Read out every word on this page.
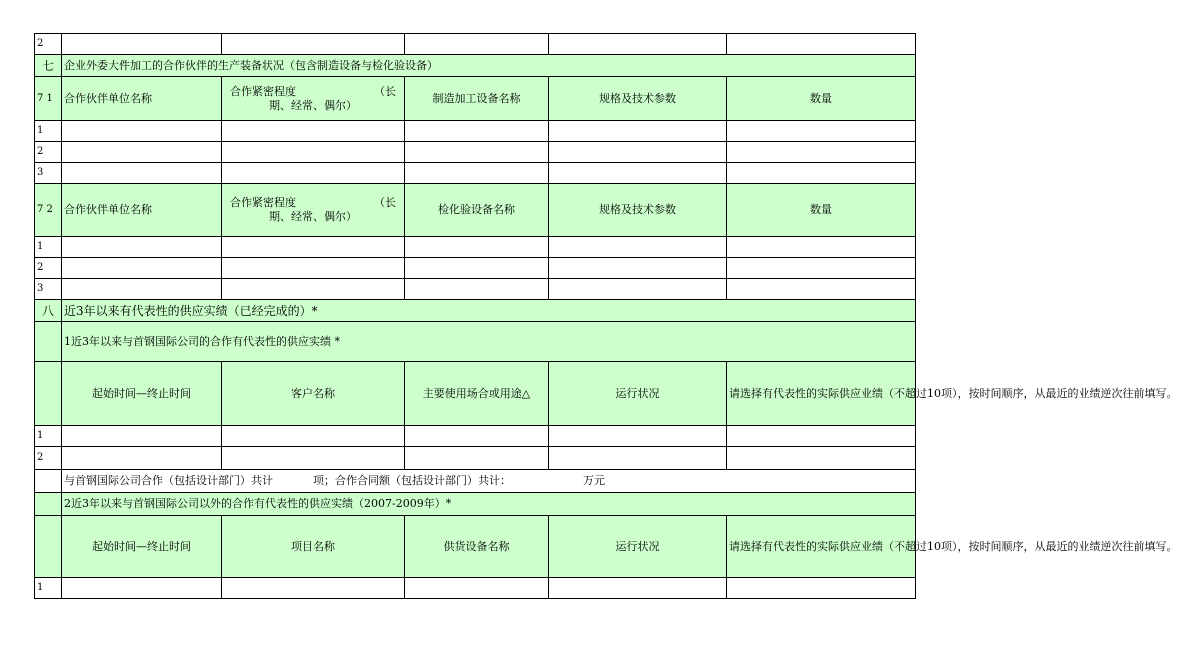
2					
七	企业外委大件加工的合作伙伴的生产装备状况（包含制造设备与检化验设备）				
7 1	合作伙伴单位名称	合作紧密程度 （长
期、经常、偶尔）	制造加工设备名称	规格及技术参数	数量
1					
2					
3					
7 2	合作伙伴单位名称	合作紧密程度 （长
期、经常、偶尔）	检化验设备名称	规格及技术参数	数量
1					
2					
3					
八	近3年以来有代表性的供应实绩（已经完成的）*				
	1近3年以来与首钢国际公司的合作有代表性的供应实绩 *				
	起始时间—终止时间	客户名称	主要使用场合或用途△	运行状况	请选择有代表性的实际供应业绩（不超过10项），按时间顺序，从最近的业绩逆次往前填写。
1					
2					
	与首钢国际公司合作（包括设计部门）共计 项；合作合同额（包括设计部门）共计： 万元				
	2近3年以来与首钢国际公司以外的合作有代表性的供应实绩（2007-2009年）*				
	起始时间—终止时间	项目名称	供货设备名称	运行状况	请选择有代表性的实际供应业绩（不超过10项），按时间顺序，从最近的业绩逆次往前填写。
1					
